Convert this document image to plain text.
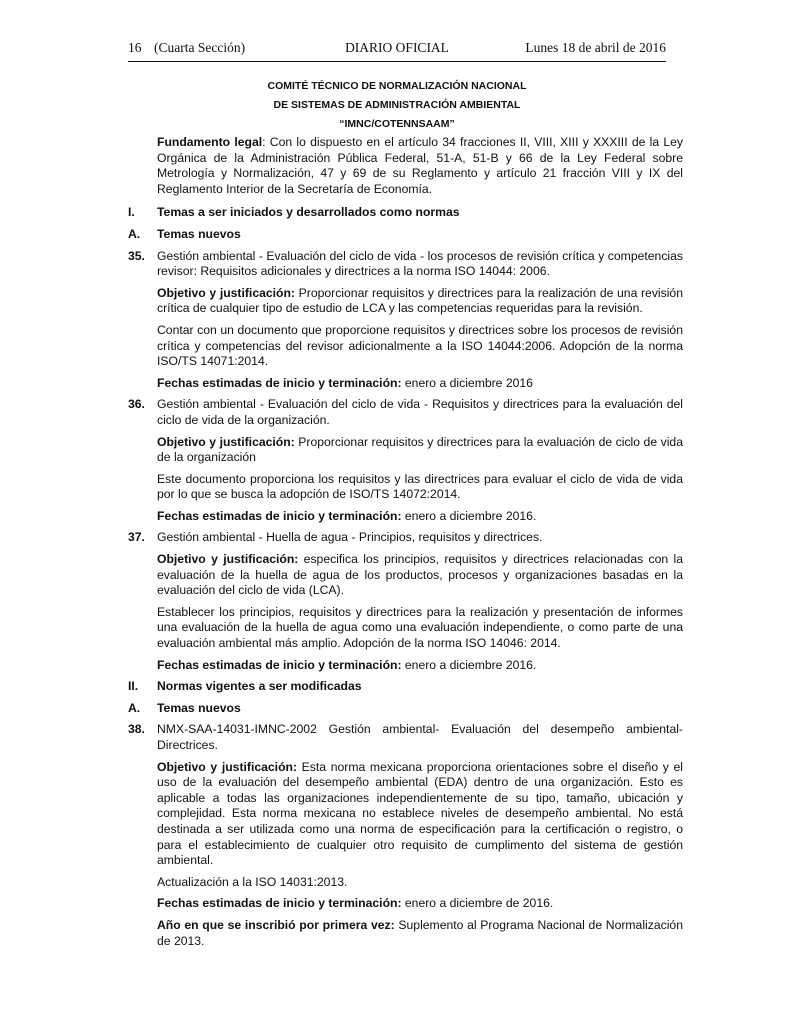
16 (Cuarta Sección)	DIARIO OFICIAL	Lunes 18 de abril de 2016
COMITÉ TÉCNICO DE NORMALIZACIÓN NACIONAL
DE SISTEMAS DE ADMINISTRACIÓN AMBIENTAL
“IMNC/COTENNSAAM”
Fundamento legal: Con lo dispuesto en el artículo 34 fracciones II, VIII, XIII y XXXIII de la Ley Orgánica de la Administración Pública Federal, 51-A, 51-B y 66 de la Ley Federal sobre Metrología y Normalización, 47 y 69 de su Reglamento y artículo 21 fracción VIII y IX del Reglamento Interior de la Secretaría de Economía.
I.	Temas a ser iniciados y desarrollados como normas
A.	Temas nuevos
35. Gestión ambiental - Evaluación del ciclo de vida - los procesos de revisión crítica y competencias revisor: Requisitos adicionales y directrices a la norma ISO 14044: 2006.
Objetivo y justificación: Proporcionar requisitos y directrices para la realización de una revisión crítica de cualquier tipo de estudio de LCA y las competencias requeridas para la revisión.
Contar con un documento que proporcione requisitos y directrices sobre los procesos de revisión crítica y competencias del revisor adicionalmente a la ISO 14044:2006. Adopción de la norma ISO/TS 14071:2014.
Fechas estimadas de inicio y terminación: enero a diciembre 2016
36. Gestión ambiental - Evaluación del ciclo de vida - Requisitos y directrices para la evaluación del ciclo de vida de la organización.
Objetivo y justificación: Proporcionar requisitos y directrices para la evaluación de ciclo de vida de la organización
Este documento proporciona los requisitos y las directrices para evaluar el ciclo de vida de vida por lo que se busca la adopción de ISO/TS 14072:2014.
Fechas estimadas de inicio y terminación: enero a diciembre 2016.
37. Gestión ambiental - Huella de agua - Principios, requisitos y directrices.
Objetivo y justificación: especifica los principios, requisitos y directrices relacionadas con la evaluación de la huella de agua de los productos, procesos y organizaciones basadas en la evaluación del ciclo de vida (LCA).
Establecer los principios, requisitos y directrices para la realización y presentación de informes una evaluación de la huella de agua como una evaluación independiente, o como parte de una evaluación ambiental más amplio. Adopción de la norma ISO 14046: 2014.
Fechas estimadas de inicio y terminación: enero a diciembre 2016.
II.	Normas vigentes a ser modificadas
A.	Temas nuevos
38. NMX-SAA-14031-IMNC-2002 Gestión ambiental- Evaluación del desempeño ambiental- Directrices.
Objetivo y justificación: Esta norma mexicana proporciona orientaciones sobre el diseño y el uso de la evaluación del desempeño ambiental (EDA) dentro de una organización. Esto es aplicable a todas las organizaciones independientemente de su tipo, tamaño, ubicación y complejidad. Esta norma mexicana no establece niveles de desempeño ambiental. No está destinada a ser utilizada como una norma de especificación para la certificación o registro, o para el establecimiento de cualquier otro requisito de cumplimento del sistema de gestión ambiental.
Actualización a la ISO 14031:2013.
Fechas estimadas de inicio y terminación: enero a diciembre de 2016.
Año en que se inscribió por primera vez: Suplemento al Programa Nacional de Normalización de 2013.
